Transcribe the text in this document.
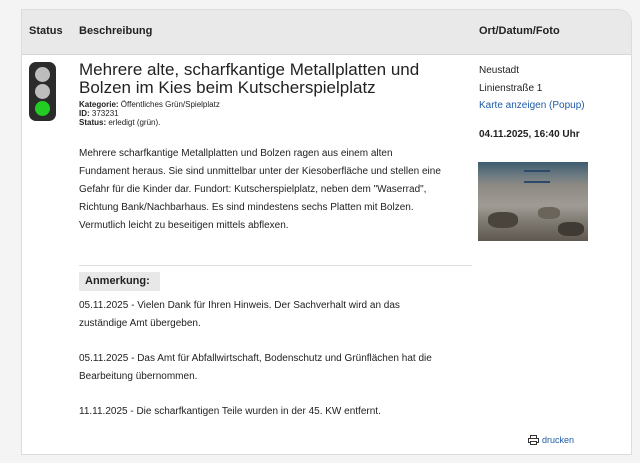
Status Beschreibung	Ort/Datum/Foto
Mehrere alte, scharfkantige Metallplatten und Bolzen im Kies beim Kutscherspielplatz
Kategorie: Öffentliches Grün/Spielplatz
ID: 373231
Status: erledigt (grün).
Mehrere scharfkantige Metallplatten und Bolzen ragen aus einem alten
Fundament heraus. Sie sind unmittelbar unter der Kiesoberfläche und stellen eine
Gefahr für die Kinder dar. Fundort: Kutscherspielplatz, neben dem "Waserrad",
Richtung Bank/Nachbarhaus. Es sind mindestens sechs Platten mit Bolzen.
Vermutlich leicht zu beseitigen mittels abflexen.
Anmerkung:
05.11.2025 - Vielen Dank für Ihren Hinweis. Der Sachverhalt wird an das
zuständige Amt übergeben.
05.11.2025 - Das Amt für Abfallwirtschaft, Bodenschutz und Grünflächen hat die
Bearbeitung übernommen.
11.11.2025 - Die scharfkantigen Teile wurden in der 45. KW entfernt.
Neustadt
Linienstraße 1
Karte anzeigen (Popup)
04.11.2025, 16:40 Uhr
drucken
